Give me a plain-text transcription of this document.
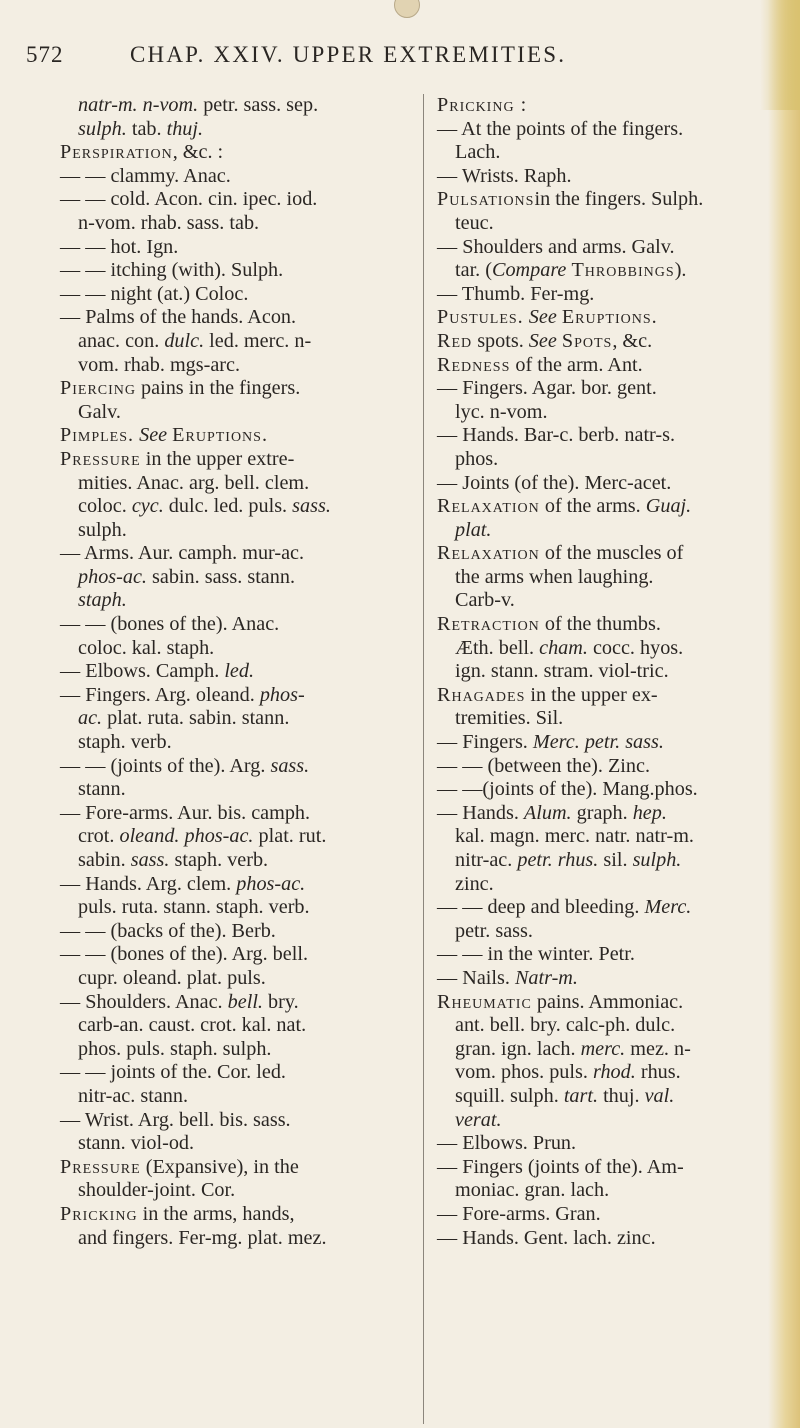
572	CHAP. XXIV. UPPER EXTREMITIES.
natr-m. n-vom. petr. sass. sep.
sulph. tab. thuj.
Perspiration, &c. :
— — clammy. Anac.
— — cold. Acon. cin. ipec. iod.
n-vom. rhab. sass. tab.
— — hot. Ign.
— — itching (with). Sulph.
— — night (at.) Coloc.
— Palms of the hands. Acon.
anac. con. dulc. led. merc. n-
vom. rhab. mgs-arc.
Piercing pains in the fingers.
Galv.
Pimples. See Eruptions.
Pressure in the upper extre-
mities. Anac. arg. bell. clem.
coloc. cyc. dulc. led. puls. sass.
sulph.
— Arms. Aur. camph. mur-ac.
phos-ac. sabin. sass. stann.
staph.
— — (bones of the). Anac.
coloc. kal. staph.
— Elbows. Camph. led.
— Fingers. Arg. oleand. phos-
ac. plat. ruta. sabin. stann.
staph. verb.
— — (joints of the). Arg. sass.
stann.
— Fore-arms. Aur. bis. camph.
crot. oleand. phos-ac. plat. rut.
sabin. sass. staph. verb.
— Hands. Arg. clem. phos-ac.
puls. ruta. stann. staph. verb.
— — (backs of the). Berb.
— — (bones of the). Arg. bell.
cupr. oleand. plat. puls.
— Shoulders. Anac. bell. bry.
carb-an. caust. crot. kal. nat.
phos. puls. staph. sulph.
— — joints of the. Cor. led.
nitr-ac. stann.
— Wrist. Arg. bell. bis. sass.
stann. viol-od.
Pressure (Expansive), in the
shoulder-joint. Cor.
Pricking in the arms, hands,
and fingers. Fer-mg. plat. mez.
Pricking :
— At the points of the fingers.
Lach.
— Wrists. Raph.
Pulsationsin the fingers. Sulph.
teuc.
— Shoulders and arms. Galv.
tar. (Compare Throbbings).
— Thumb. Fer-mg.
Pustules. See Eruptions.
Red spots. See Spots, &c.
Redness of the arm. Ant.
— Fingers. Agar. bor. gent.
lyc. n-vom.
— Hands. Bar-c. berb. natr-s.
phos.
— Joints (of the). Merc-acet.
Relaxation of the arms. Guaj.
plat.
Relaxation of the muscles of
the arms when laughing.
Carb-v.
Retraction of the thumbs.
Æth. bell. cham. cocc. hyos.
ign. stann. stram. viol-tric.
Rhagades in the upper ex-
tremities. Sil.
— Fingers. Merc. petr. sass.
— — (between the). Zinc.
— —(joints of the). Mang.phos.
— Hands. Alum. graph. hep.
kal. magn. merc. natr. natr-m.
nitr-ac. petr. rhus. sil. sulph.
zinc.
— — deep and bleeding. Merc.
petr. sass.
— — in the winter. Petr.
— Nails. Natr-m.
Rheumatic pains. Ammoniac.
ant. bell. bry. calc-ph. dulc.
gran. ign. lach. merc. mez. n-
vom. phos. puls. rhod. rhus.
squill. sulph. tart. thuj. val.
verat.
— Elbows. Prun.
— Fingers (joints of the). Am-
moniac. gran. lach.
— Fore-arms. Gran.
— Hands. Gent. lach. zinc.
